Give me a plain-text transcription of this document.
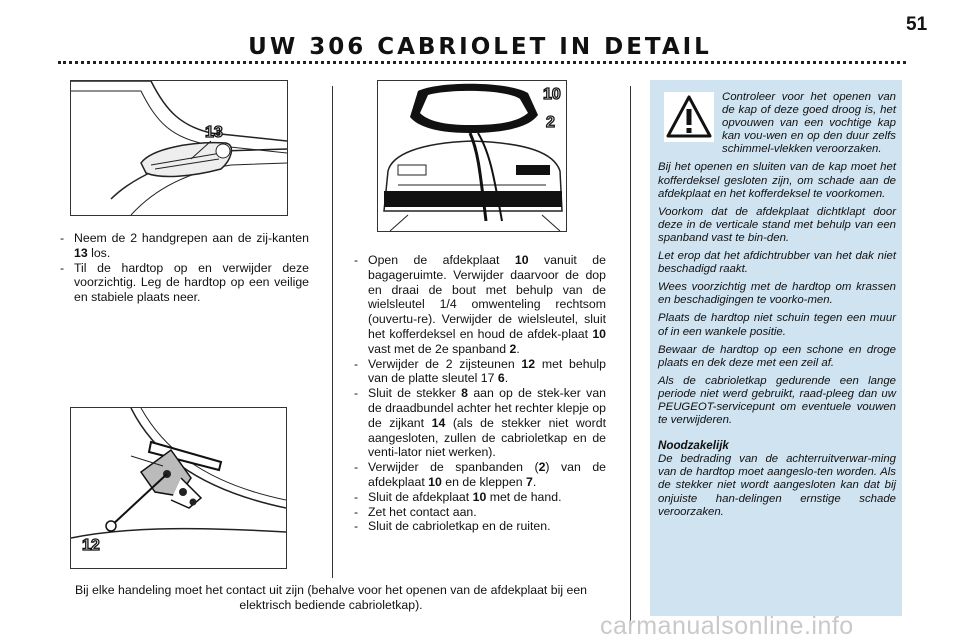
51
UW 306 CABRIOLET IN DETAIL
13
10
2
12
- Neem de 2 handgrepen aan de zij-kanten 13 los.
- Til de hardtop op en verwijder deze voorzichtig. Leg de hardtop op een veilige en stabiele plaats neer.
- Open de afdekplaat 10 vanuit de bagageruimte. Verwijder daarvoor de dop en draai de bout met behulp van de wielsleutel 1/4 omwenteling rechtsom (ouvertu-re). Verwijder de wielsleutel, sluit het kofferdeksel en houd de afdek-plaat 10 vast met de 2e spanband 2.
- Verwijder de 2 zijsteunen 12 met behulp van de platte sleutel 17 6.
- Sluit de stekker 8 aan op de stek-ker van de draadbundel achter het rechter klepje op de zijkant 14 (als de stekker niet wordt aangesloten, zullen de cabrioletkap en de venti-lator niet werken).
- Verwijder de spanbanden (2) van de afdekplaat 10 en de kleppen 7.
- Sluit de afdekplaat 10 met de hand.
- Zet het contact aan.
- Sluit de cabrioletkap en de ruiten.
Bij elke handeling moet het contact uit zijn (behalve voor het openen van de afdekplaat bij een elektrisch bediende cabrioletkap).

Controleer voor het openen van de kap of deze goed droog is, het opvouwen van een vochtige kap kan vou-wen en op den duur zelfs schimmel-vlekken veroorzaken.

Bij het openen en sluiten van de kap moet het kofferdeksel gesloten zijn, om schade aan de afdekplaat en het kofferdeksel te voorkomen.

Voorkom dat de afdekplaat dichtklapt door deze in de verticale stand met behulp van een spanband vast te bin-den.

Let erop dat het afdichtrubber van het dak niet beschadigd raakt.

Wees voorzichtig met de hardtop om krassen en beschadigingen te voorko-men.

Plaats de hardtop niet schuin tegen een muur of in een wankele positie.

Bewaar de hardtop op een schone en droge plaats en dek deze met een zeil af.

Als de cabrioletkap gedurende een lange periode niet werd gebruikt, raad-pleeg dan uw PEUGEOT-servicepunt om eventuele vouwen te verwijderen.

Noodzakelijk

De bedrading van de achterruitverwar-ming van de hardtop moet aangeslo-ten worden. Als de stekker niet wordt aangesloten kan dat bij onjuiste han-delingen ernstige schade veroorzaken.

carmanualsonline.info
